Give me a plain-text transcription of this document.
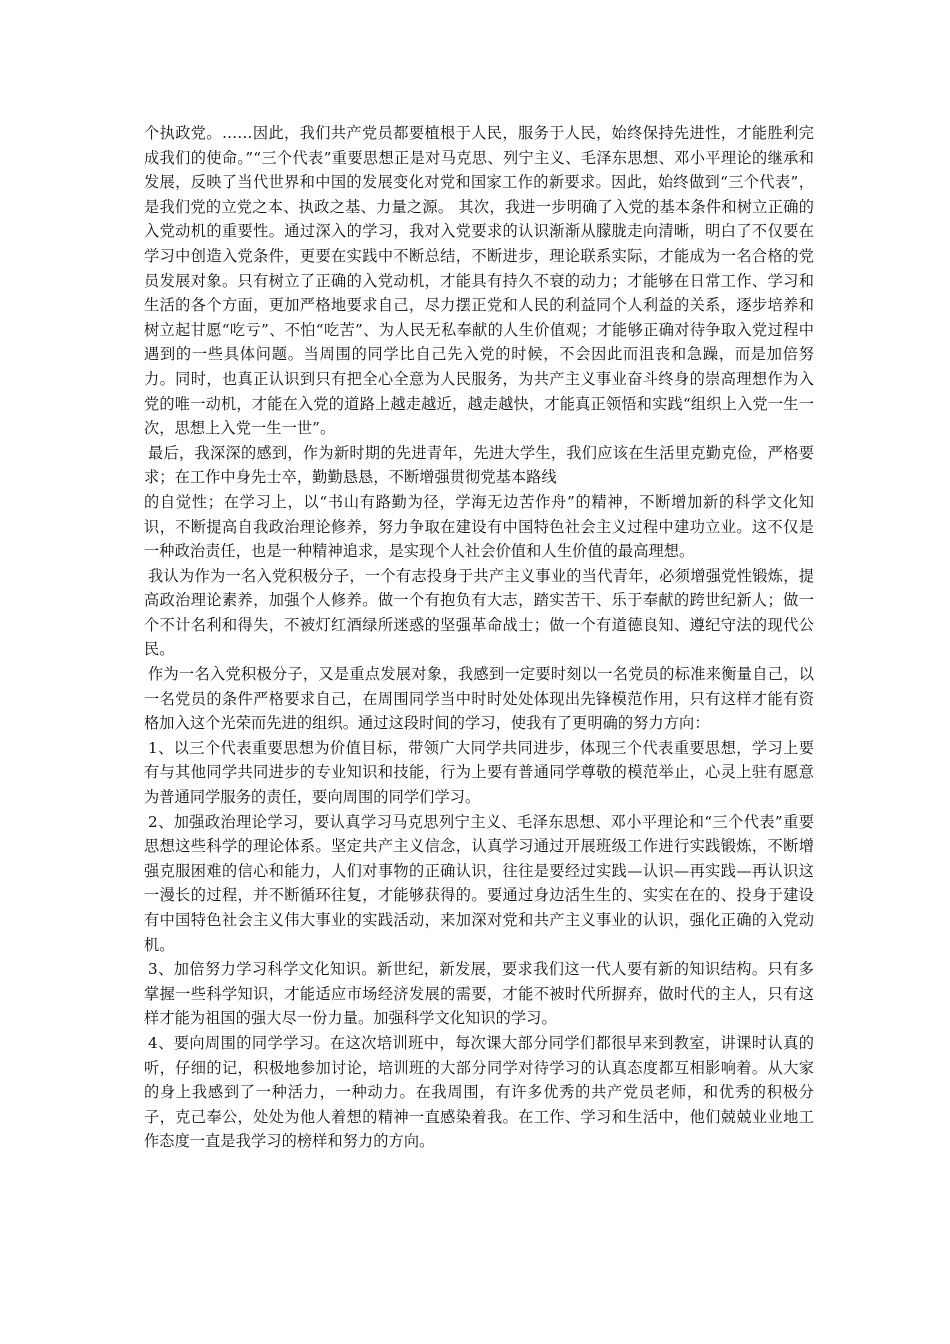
个执政党。……因此，我们共产党员都要植根于人民，服务于人民，始终保持先进性，才能胜利完成我们的使命。”“三个代表”重要思想正是对马克思、列宁主义、毛泽东思想、邓小平理论的继承和发展，反映了当代世界和中国的发展变化对党和国家工作的新要求。因此，始终做到“三个代表”，是我们党的立党之本、执政之基、力量之源。 其次，我进一步明确了入党的基本条件和树立正确的入党动机的重要性。通过深入的学习，我对入党要求的认识渐渐从朦胧走向清晰，明白了不仅要在学习中创造入党条件，更要在实践中不断总结，不断进步，理论联系实际，才能成为一名合格的党员发展对象。只有树立了正确的入党动机，才能具有持久不衰的动力；才能够在日常工作、学习和生活的各个方面，更加严格地要求自己，尽力摆正党和人民的利益同个人利益的关系，逐步培养和树立起甘愿“吃亏”、不怕“吃苦”、为人民无私奉献的人生价值观；才能够正确对待争取入党过程中遇到的一些具体问题。当周围的同学比自己先入党的时候，不会因此而沮丧和急躁，而是加倍努力。同时，也真正认识到只有把全心全意为人民服务，为共产主义事业奋斗终身的崇高理想作为入党的唯一动机，才能在入党的道路上越走越近，越走越快，才能真正领悟和实践“组织上入党一生一次，思想上入党一生一世”。

最后，我深深的感到，作为新时期的先进青年，先进大学生，我们应该在生活里克勤克俭，严格要求；在工作中身先士卒，勤勤恳恳，不断增强贯彻党基本路线

的自觉性；在学习上，以“书山有路勤为径，学海无边苦作舟”的精神，不断增加新的科学文化知识，不断提高自我政治理论修养，努力争取在建设有中国特色社会主义过程中建功立业。这不仅是一种政治责任，也是一种精神追求，是实现个人社会价值和人生价值的最高理想。

我认为作为一名入党积极分子，一个有志投身于共产主义事业的当代青年，必须增强党性锻炼，提高政治理论素养，加强个人修养。做一个有抱负有大志，踏实苦干、乐于奉献的跨世纪新人；做一个不计名利和得失，不被灯红酒绿所迷惑的坚强革命战士；做一个有道德良知、遵纪守法的现代公民。

作为一名入党积极分子，又是重点发展对象，我感到一定要时刻以一名党员的标准来衡量自己，以一名党员的条件严格要求自己，在周围同学当中时时处处体现出先锋模范作用，只有这样才能有资格加入这个光荣而先进的组织。通过这段时间的学习，使我有了更明确的努力方向：

1、以三个代表重要思想为价值目标，带领广大同学共同进步，体现三个代表重要思想，学习上要有与其他同学共同进步的专业知识和技能，行为上要有普通同学尊敬的模范举止，心灵上驻有愿意为普通同学服务的责任，要向周围的同学们学习。

2、加强政治理论学习，要认真学习马克思列宁主义、毛泽东思想、邓小平理论和“三个代表”重要思想这些科学的理论体系。坚定共产主义信念，认真学习通过开展班级工作进行实践锻炼，不断增强克服困难的信心和能力，人们对事物的正确认识，往往是要经过实践—认识—再实践—再认识这一漫长的过程，并不断循环往复，才能够获得的。要通过身边活生生的、实实在在的、投身于建设有中国特色社会主义伟大事业的实践活动，来加深对党和共产主义事业的认识，强化正确的入党动机。

3、加倍努力学习科学文化知识。新世纪，新发展，要求我们这一代人要有新的知识结构。只有多掌握一些科学知识，才能适应市场经济发展的需要，才能不被时代所摒弃，做时代的主人，只有这样才能为祖国的强大尽一份力量。加强科学文化知识的学习。

4、要向周围的同学学习。在这次培训班中，每次课大部分同学们都很早来到教室，讲课时认真的听，仔细的记，积极地参加讨论，培训班的大部分同学对待学习的认真态度都互相影响着。从大家的身上我感到了一种活力，一种动力。在我周围，有许多优秀的共产党员老师，和优秀的积极分子，克己奉公，处处为他人着想的精神一直感染着我。在工作、学习和生活中，他们兢兢业业地工作态度一直是我学习的榜样和努力的方向。
